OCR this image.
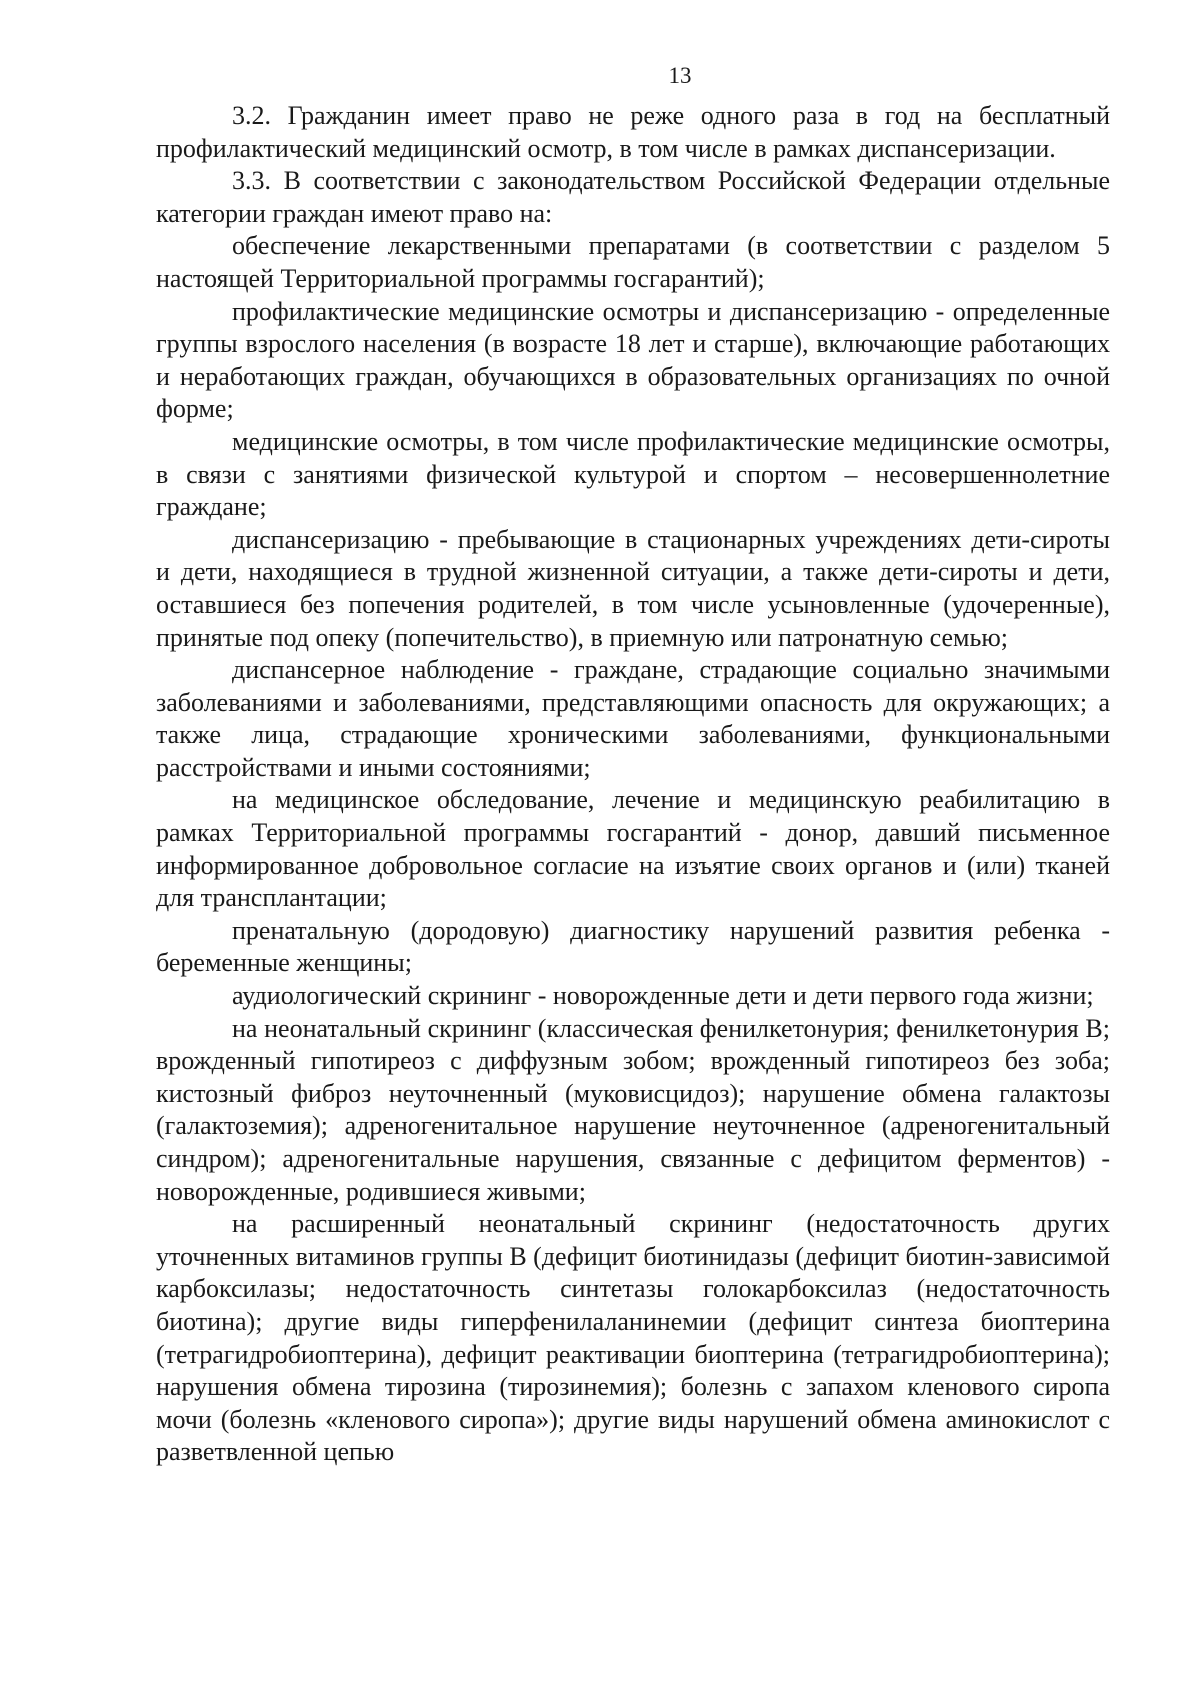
13

3.2. Гражданин имеет право не реже одного раза в год на бесплатный профилактический медицинский осмотр, в том числе в рамках диспансеризации.

3.3. В соответствии с законодательством Российской Федерации отдельные категории граждан имеют право на:

обеспечение лекарственными препаратами (в соответствии с разделом 5 настоящей Территориальной программы госгарантий);

профилактические медицинские осмотры и диспансеризацию - определенные группы взрослого населения (в возрасте 18 лет и старше), включающие работающих и неработающих граждан, обучающихся в образовательных организациях по очной форме;

медицинские осмотры, в том числе профилактические медицинские осмотры, в связи с занятиями физической культурой и спортом – несовершеннолетние граждане;

диспансеризацию - пребывающие в стационарных учреждениях дети-сироты и дети, находящиеся в трудной жизненной ситуации, а также дети-сироты и дети, оставшиеся без попечения родителей, в том числе усыновленные (удочеренные), принятые под опеку (попечительство), в приемную или патронатную семью;

диспансерное наблюдение - граждане, страдающие социально значимыми заболеваниями и заболеваниями, представляющими опасность для окружающих; а также лица, страдающие хроническими заболеваниями, функциональными расстройствами и иными состояниями;

на медицинское обследование, лечение и медицинскую реабилитацию в рамках Территориальной программы госгарантий - донор, давший письменное информированное добровольное согласие на изъятие своих органов и (или) тканей для трансплантации;

пренатальную (дородовую) диагностику нарушений развития ребенка - беременные женщины;

аудиологический скрининг - новорожденные дети и дети первого года жизни;

на неонатальный скрининг (классическая фенилкетонурия; фенилкетонурия B; врожденный гипотиреоз с диффузным зобом; врожденный гипотиреоз без зоба; кистозный фиброз неуточненный (муковисцидоз); нарушение обмена галактозы (галактоземия); адреногенитальное нарушение неуточненное (адреногенитальный синдром); адреногенитальные нарушения, связанные с дефицитом ферментов) - новорожденные, родившиеся живыми;

на расширенный неонатальный скрининг (недостаточность других уточненных витаминов группы B (дефицит биотинидазы (дефицит биотин-зависимой карбоксилазы; недостаточность синтетазы голокарбоксилаз (недостаточность биотина); другие виды гиперфенилаланинемии (дефицит синтеза биоптерина (тетрагидробиоптерина), дефицит реактивации биоптерина (тетрагидробиоптерина); нарушения обмена тирозина (тирозинемия); болезнь с запахом кленового сиропа мочи (болезнь «кленового сиропа»); другие виды нарушений обмена аминокислот с разветвленной цепью
